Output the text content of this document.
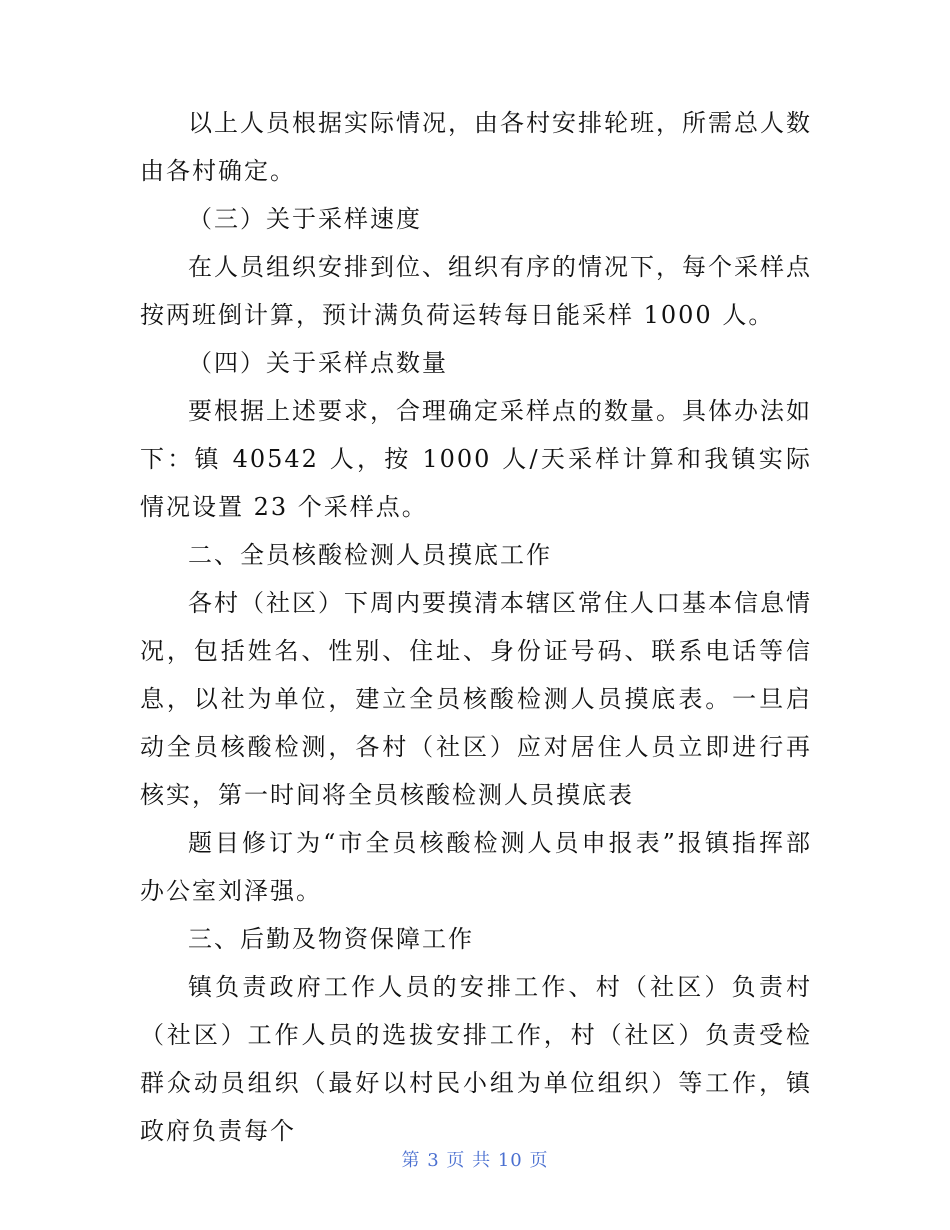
以上人员根据实际情况，由各村安排轮班，所需总人数由各村确定。

（三）关于采样速度

在人员组织安排到位、组织有序的情况下，每个采样点按两班倒计算，预计满负荷运转每日能采样 1000 人。

（四）关于采样点数量

要根据上述要求，合理确定采样点的数量。具体办法如下：镇 40542 人，按 1000 人/天采样计算和我镇实际情况设置 23 个采样点。

二、全员核酸检测人员摸底工作

各村（社区）下周内要摸清本辖区常住人口基本信息情况，包括姓名、性别、住址、身份证号码、联系电话等信息，以社为单位，建立全员核酸检测人员摸底表。一旦启动全员核酸检测，各村（社区）应对居住人员立即进行再核实，第一时间将全员核酸检测人员摸底表

题目修订为“市全员核酸检测人员申报表”报镇指挥部办公室刘泽强。

三、后勤及物资保障工作

镇负责政府工作人员的安排工作、村（社区）负责村（社区）工作人员的选拔安排工作，村（社区）负责受检群众动员组织（最好以村民小组为单位组织）等工作，镇政府负责每个

第 3 页 共 10 页
